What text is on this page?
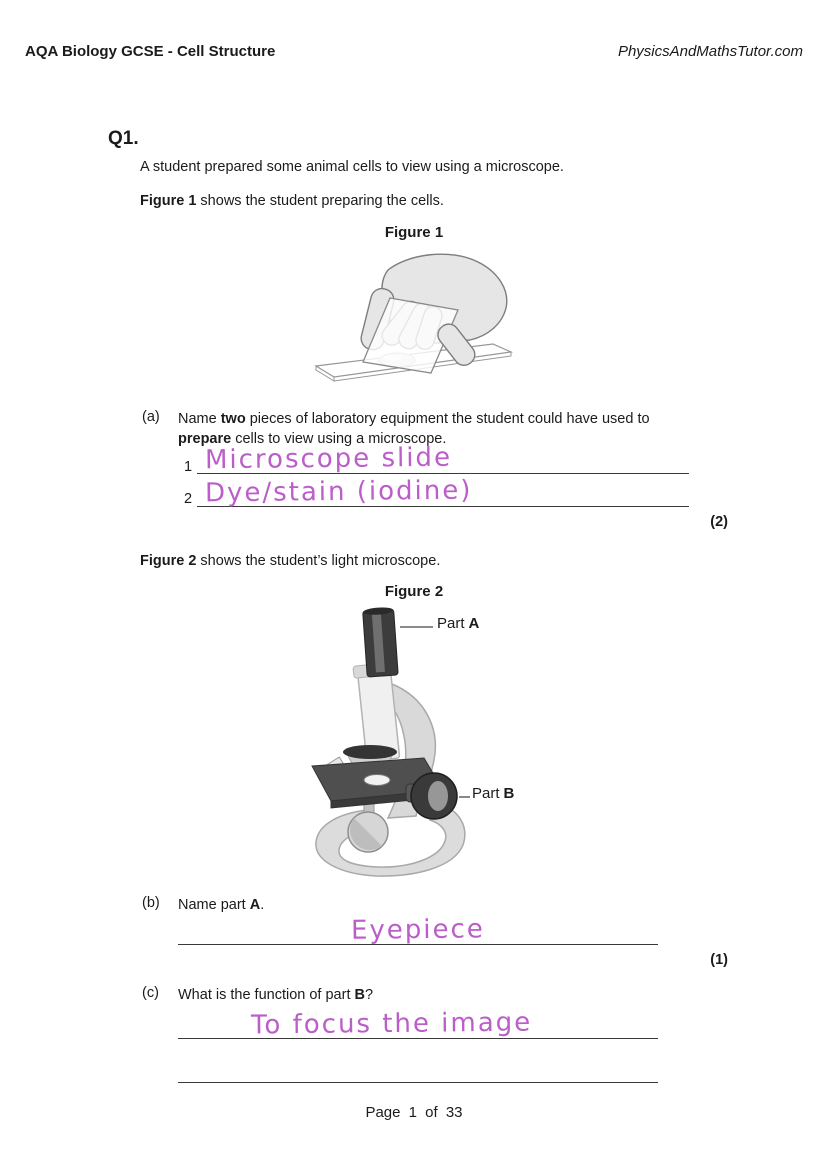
AQA Biology GCSE - Cell Structure	PhysicsAndMathsTutor.com
Q1.
A student prepared some animal cells to view using a microscope.
Figure 1 shows the student preparing the cells.
Figure 1
(a) Name two pieces of laboratory equipment the student could have used to
prepare cells to view using a microscope.
1 Microscope slide
2 Dye/stain (iodine)
(2)
Figure 2 shows the student’s light microscope.
Figure 2
Part A
Part B
(b) Name part A.
Eyepiece
(1)
(c) What is the function of part B?
To focus the image
Page 1 of 33
